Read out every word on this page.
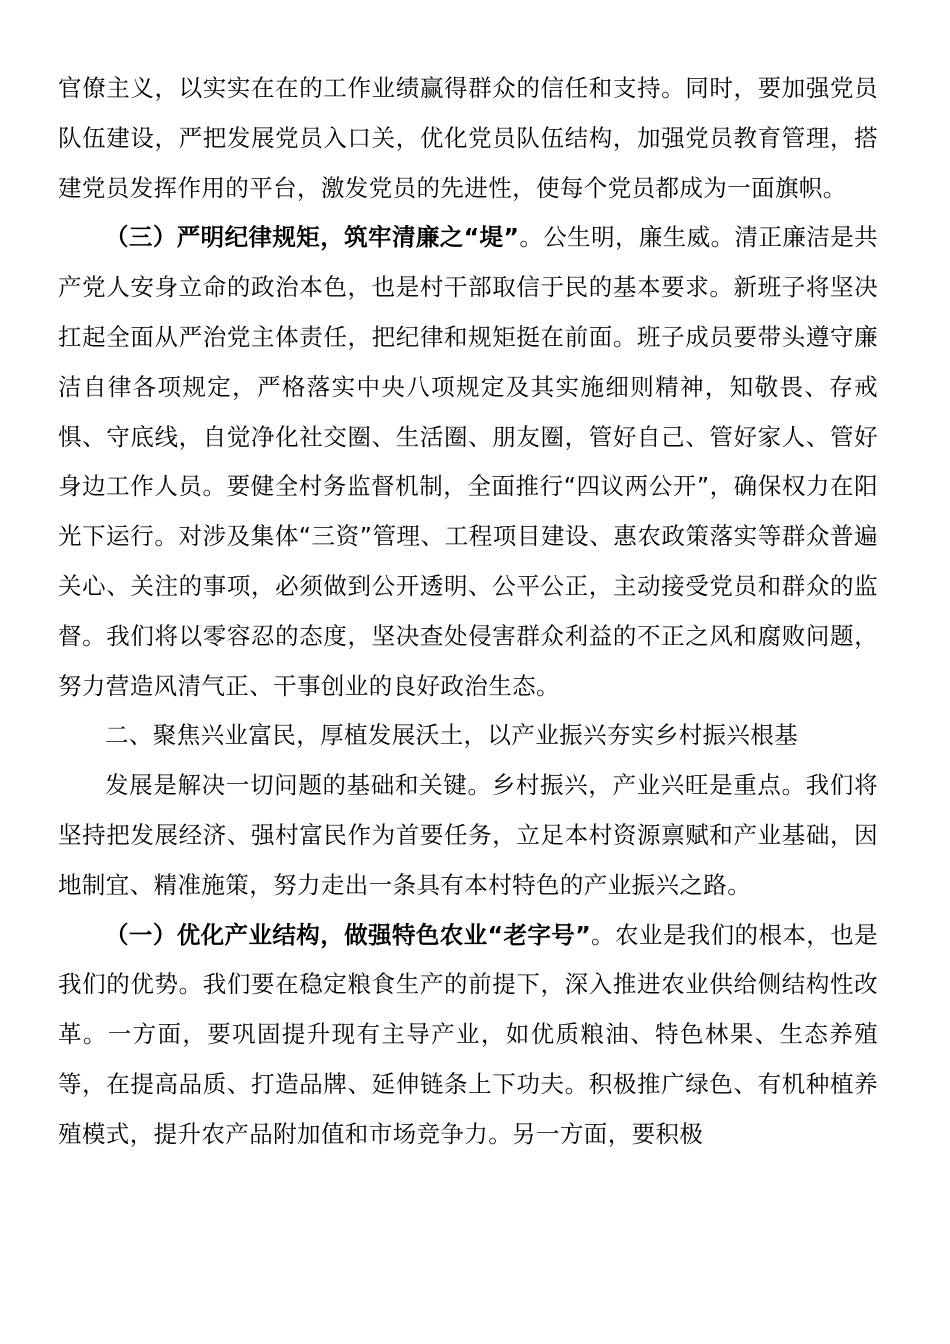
官僚主义，以实实在在的工作业绩赢得群众的信任和支持。同时，要加强党员队伍建设，严把发展党员入口关，优化党员队伍结构，加强党员教育管理，搭建党员发挥作用的平台，激发党员的先进性，使每个党员都成为一面旗帜。

（三）严明纪律规矩，筑牢清廉之“堤”。公生明，廉生威。清正廉洁是共产党人安身立命的政治本色，也是村干部取信于民的基本要求。新班子将坚决扛起全面从严治党主体责任，把纪律和规矩挺在前面。班子成员要带头遵守廉洁自律各项规定，严格落实中央八项规定及其实施细则精神，知敬畏、存戒惧、守底线，自觉净化社交圈、生活圈、朋友圈，管好自己、管好家人、管好身边工作人员。要健全村务监督机制，全面推行“四议两公开”，确保权力在阳光下运行。对涉及集体“三资”管理、工程项目建设、惠农政策落实等群众普遍关心、关注的事项，必须做到公开透明、公平公正，主动接受党员和群众的监督。我们将以零容忍的态度，坚决查处侵害群众利益的不正之风和腐败问题，努力营造风清气正、干事创业的良好政治生态。

二、聚焦兴业富民，厚植发展沃土，以产业振兴夯实乡村振兴根基

发展是解决一切问题的基础和关键。乡村振兴，产业兴旺是重点。我们将坚持把发展经济、强村富民作为首要任务，立足本村资源禀赋和产业基础，因地制宜、精准施策，努力走出一条具有本村特色的产业振兴之路。

（一）优化产业结构，做强特色农业“老字号”。农业是我们的根本，也是我们的优势。我们要在稳定粮食生产的前提下，深入推进农业供给侧结构性改革。一方面，要巩固提升现有主导产业，如优质粮油、特色林果、生态养殖等，在提高品质、打造品牌、延伸链条上下功夫。积极推广绿色、有机种植养殖模式，提升农产品附加值和市场竞争力。另一方面，要积极
